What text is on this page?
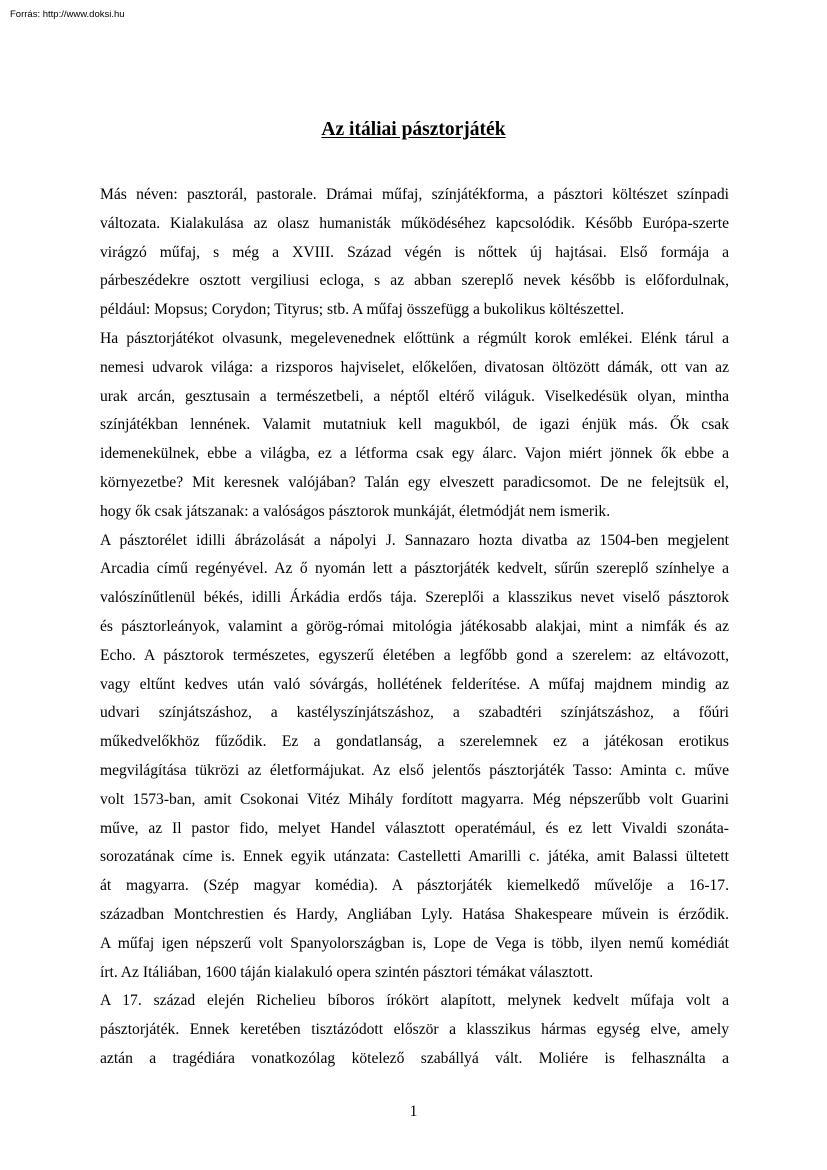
Forrás: http://www.doksi.hu
Az itáliai pásztorjáték
Más néven: pasztorál, pastorale. Drámai műfaj, színjátékforma, a pásztori költészet színpadi
változata. Kialakulása az olasz humanisták működéséhez kapcsolódik. Később Európa-szerte
virágzó műfaj, s még a XVIII. Század végén is nőttek új hajtásai. Első formája a
párbeszédekre osztott vergiliusi ecloga, s az abban szereplő nevek később is előfordulnak,
például: Mopsus; Corydon; Tityrus; stb. A műfaj összefügg a bukolikus költészettel.
Ha pásztorjátékot olvasunk, megelevenednek előttünk a régmúlt korok emlékei. Elénk tárul a
nemesi udvarok világa: a rizsporos hajviselet, előkelően, divatosan öltözött dámák, ott van az
urak arcán, gesztusain a természetbeli, a néptől eltérő világuk. Viselkedésük olyan, mintha
színjátékban lennének. Valamit mutatniuk kell magukból, de igazi énjük más. Ők csak
idemenekülnek, ebbe a világba, ez a létforma csak egy álarc. Vajon miért jönnek ők ebbe a
környezetbe? Mit keresnek valójában? Talán egy elveszett paradicsomot. De ne felejtsük el,
hogy ők csak játszanak: a valóságos pásztorok munkáját, életmódját nem ismerik.
A pásztorélet idilli ábrázolását a nápolyi J. Sannazaro hozta divatba az 1504-ben megjelent
Arcadia című regényével. Az ő nyomán lett a pásztorjáték kedvelt, sűrűn szereplő színhelye a
valószínűtlenül békés, idilli Árkádia erdős tája. Szereplői a klasszikus nevet viselő pásztorok
és pásztorleányok, valamint a görög-római mitológia játékosabb alakjai, mint a nimfák és az
Echo. A pásztorok természetes, egyszerű életében a legfőbb gond a szerelem: az eltávozott,
vagy eltűnt kedves után való sóvárgás, hollétének felderítése. A műfaj majdnem mindig az
udvari színjátszáshoz, a kastélyszínjátszáshoz, a szabadtéri színjátszáshoz, a főúri
műkedvelőkhöz fűződik. Ez a gondatlanság, a szerelemnek ez a játékosan erotikus
megvilágítása tükrözi az életformájukat. Az első jelentős pásztorjáték Tasso: Aminta c. műve
volt 1573-ban, amit Csokonai Vitéz Mihály fordított magyarra. Még népszerűbb volt Guarini
műve, az Il pastor fido, melyet Handel választott operatémául, és ez lett Vivaldi szonáta-
sorozatának címe is. Ennek egyik utánzata: Castelletti Amarilli c. játéka, amit Balassi ültetett
át magyarra. (Szép magyar komédia). A pásztorjáték kiemelkedő művelője a 16-17.
században Montchrestien és Hardy, Angliában Lyly. Hatása Shakespeare művein is érződik.
A műfaj igen népszerű volt Spanyolországban is, Lope de Vega is több, ilyen nemű komédiát
írt. Az Itáliában, 1600 táján kialakuló opera szintén pásztori témákat választott.
A 17. század elején Richelieu bíboros írókört alapított, melynek kedvelt műfaja volt a
pásztorjáték. Ennek keretében tisztázódott először a klasszikus hármas egység elve, amely
aztán a tragédiára vonatkozólag kötelező szabállyá vált. Moliére is felhasználta a
1
